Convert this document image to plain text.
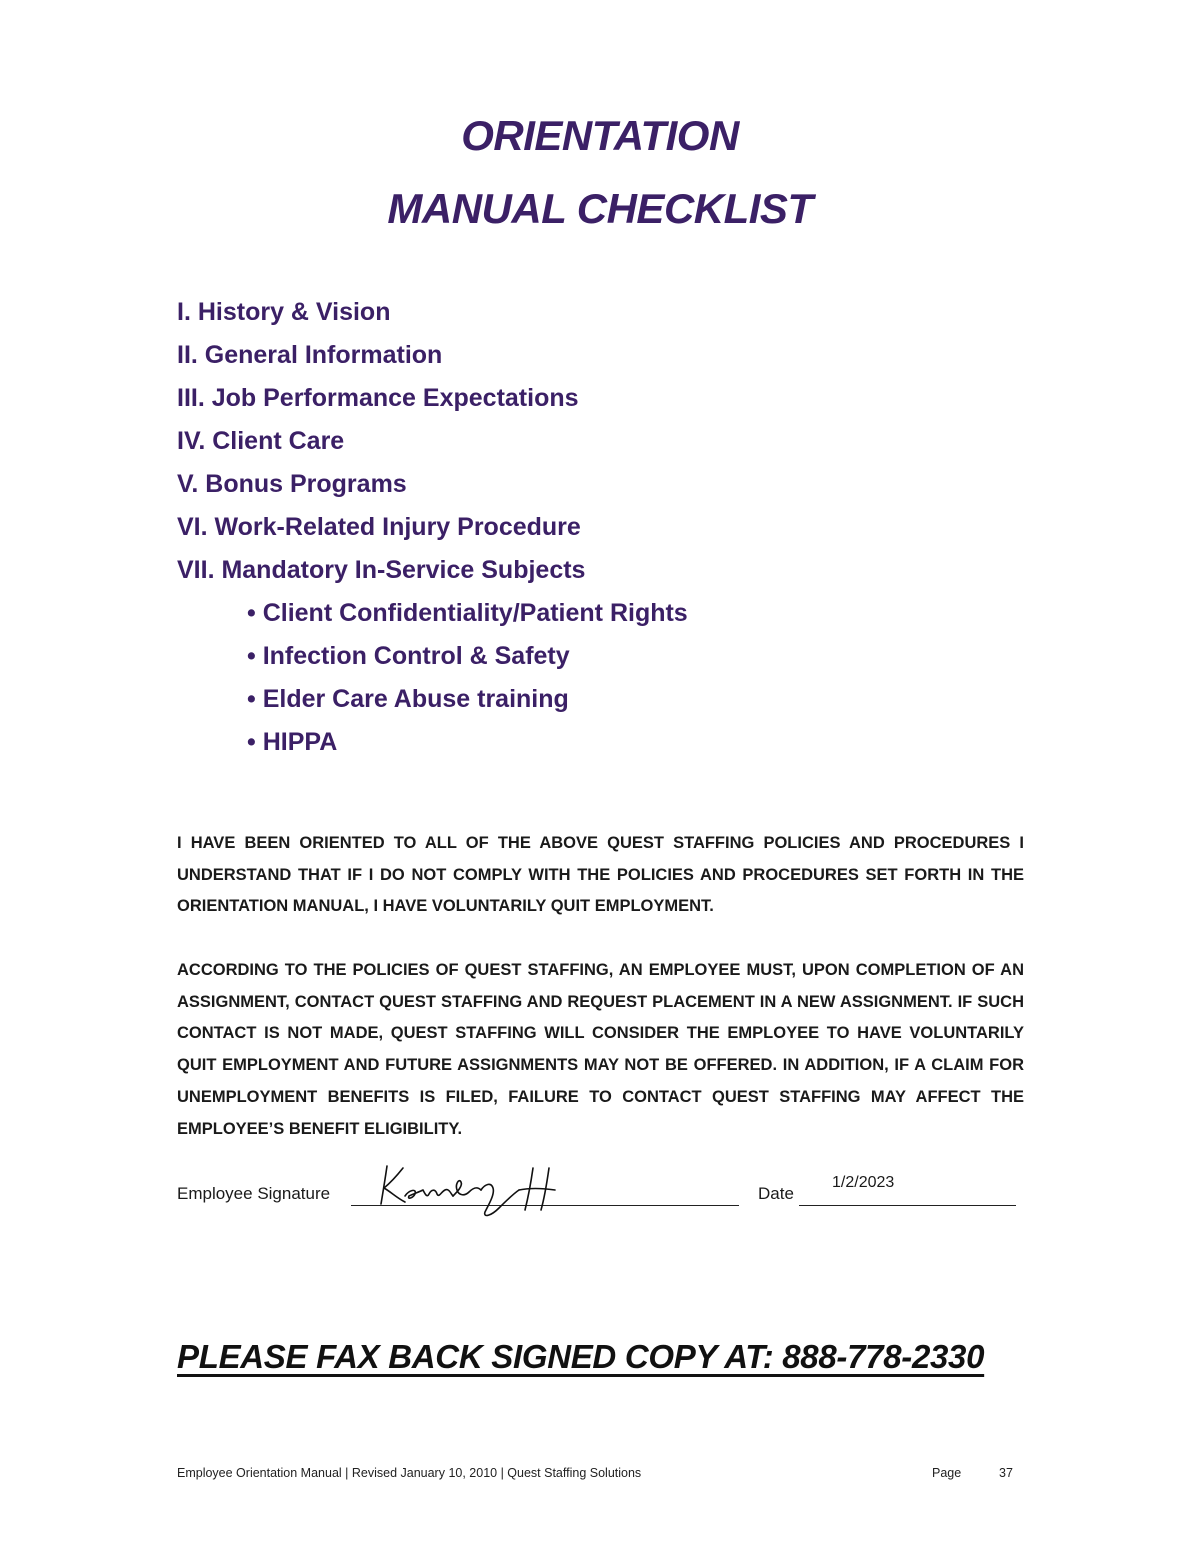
ORIENTATION
MANUAL CHECKLIST
I. History & Vision
II. General Information
III. Job Performance Expectations
IV. Client Care
V. Bonus Programs
VI. Work-Related Injury Procedure
VII. Mandatory In-Service Subjects
• Client Confidentiality/Patient Rights
• Infection Control & Safety
• Elder Care Abuse training
• HIPPA

I HAVE BEEN ORIENTED TO ALL OF THE ABOVE QUEST STAFFING POLICIES AND PROCEDURES I UNDERSTAND THAT IF I DO NOT COMPLY WITH THE POLICIES AND PROCEDURES SET FORTH IN THE ORIENTATION MANUAL, I HAVE VOLUNTARILY QUIT EMPLOYMENT.

ACCORDING TO THE POLICIES OF QUEST STAFFING, AN EMPLOYEE MUST, UPON COMPLETION OF AN ASSIGNMENT, CONTACT QUEST STAFFING AND REQUEST PLACEMENT IN A NEW ASSIGNMENT. IF SUCH CONTACT IS NOT MADE, QUEST STAFFING WILL CONSIDER THE EMPLOYEE TO HAVE VOLUNTARILY QUIT EMPLOYMENT AND FUTURE ASSIGNMENTS MAY NOT BE OFFERED. IN ADDITION, IF A CLAIM FOR UNEMPLOYMENT BENEFITS IS FILED, FAILURE TO CONTACT QUEST STAFFING MAY AFFECT THE EMPLOYEE’S BENEFIT ELIGIBILITY.

Employee Signature	Date
1/2/2023
PLEASE FAX BACK SIGNED COPY AT: 888-778-2330
Employee Orientation Manual | Revised January 10, 2010 | Quest Staffing Solutions	Page	37
